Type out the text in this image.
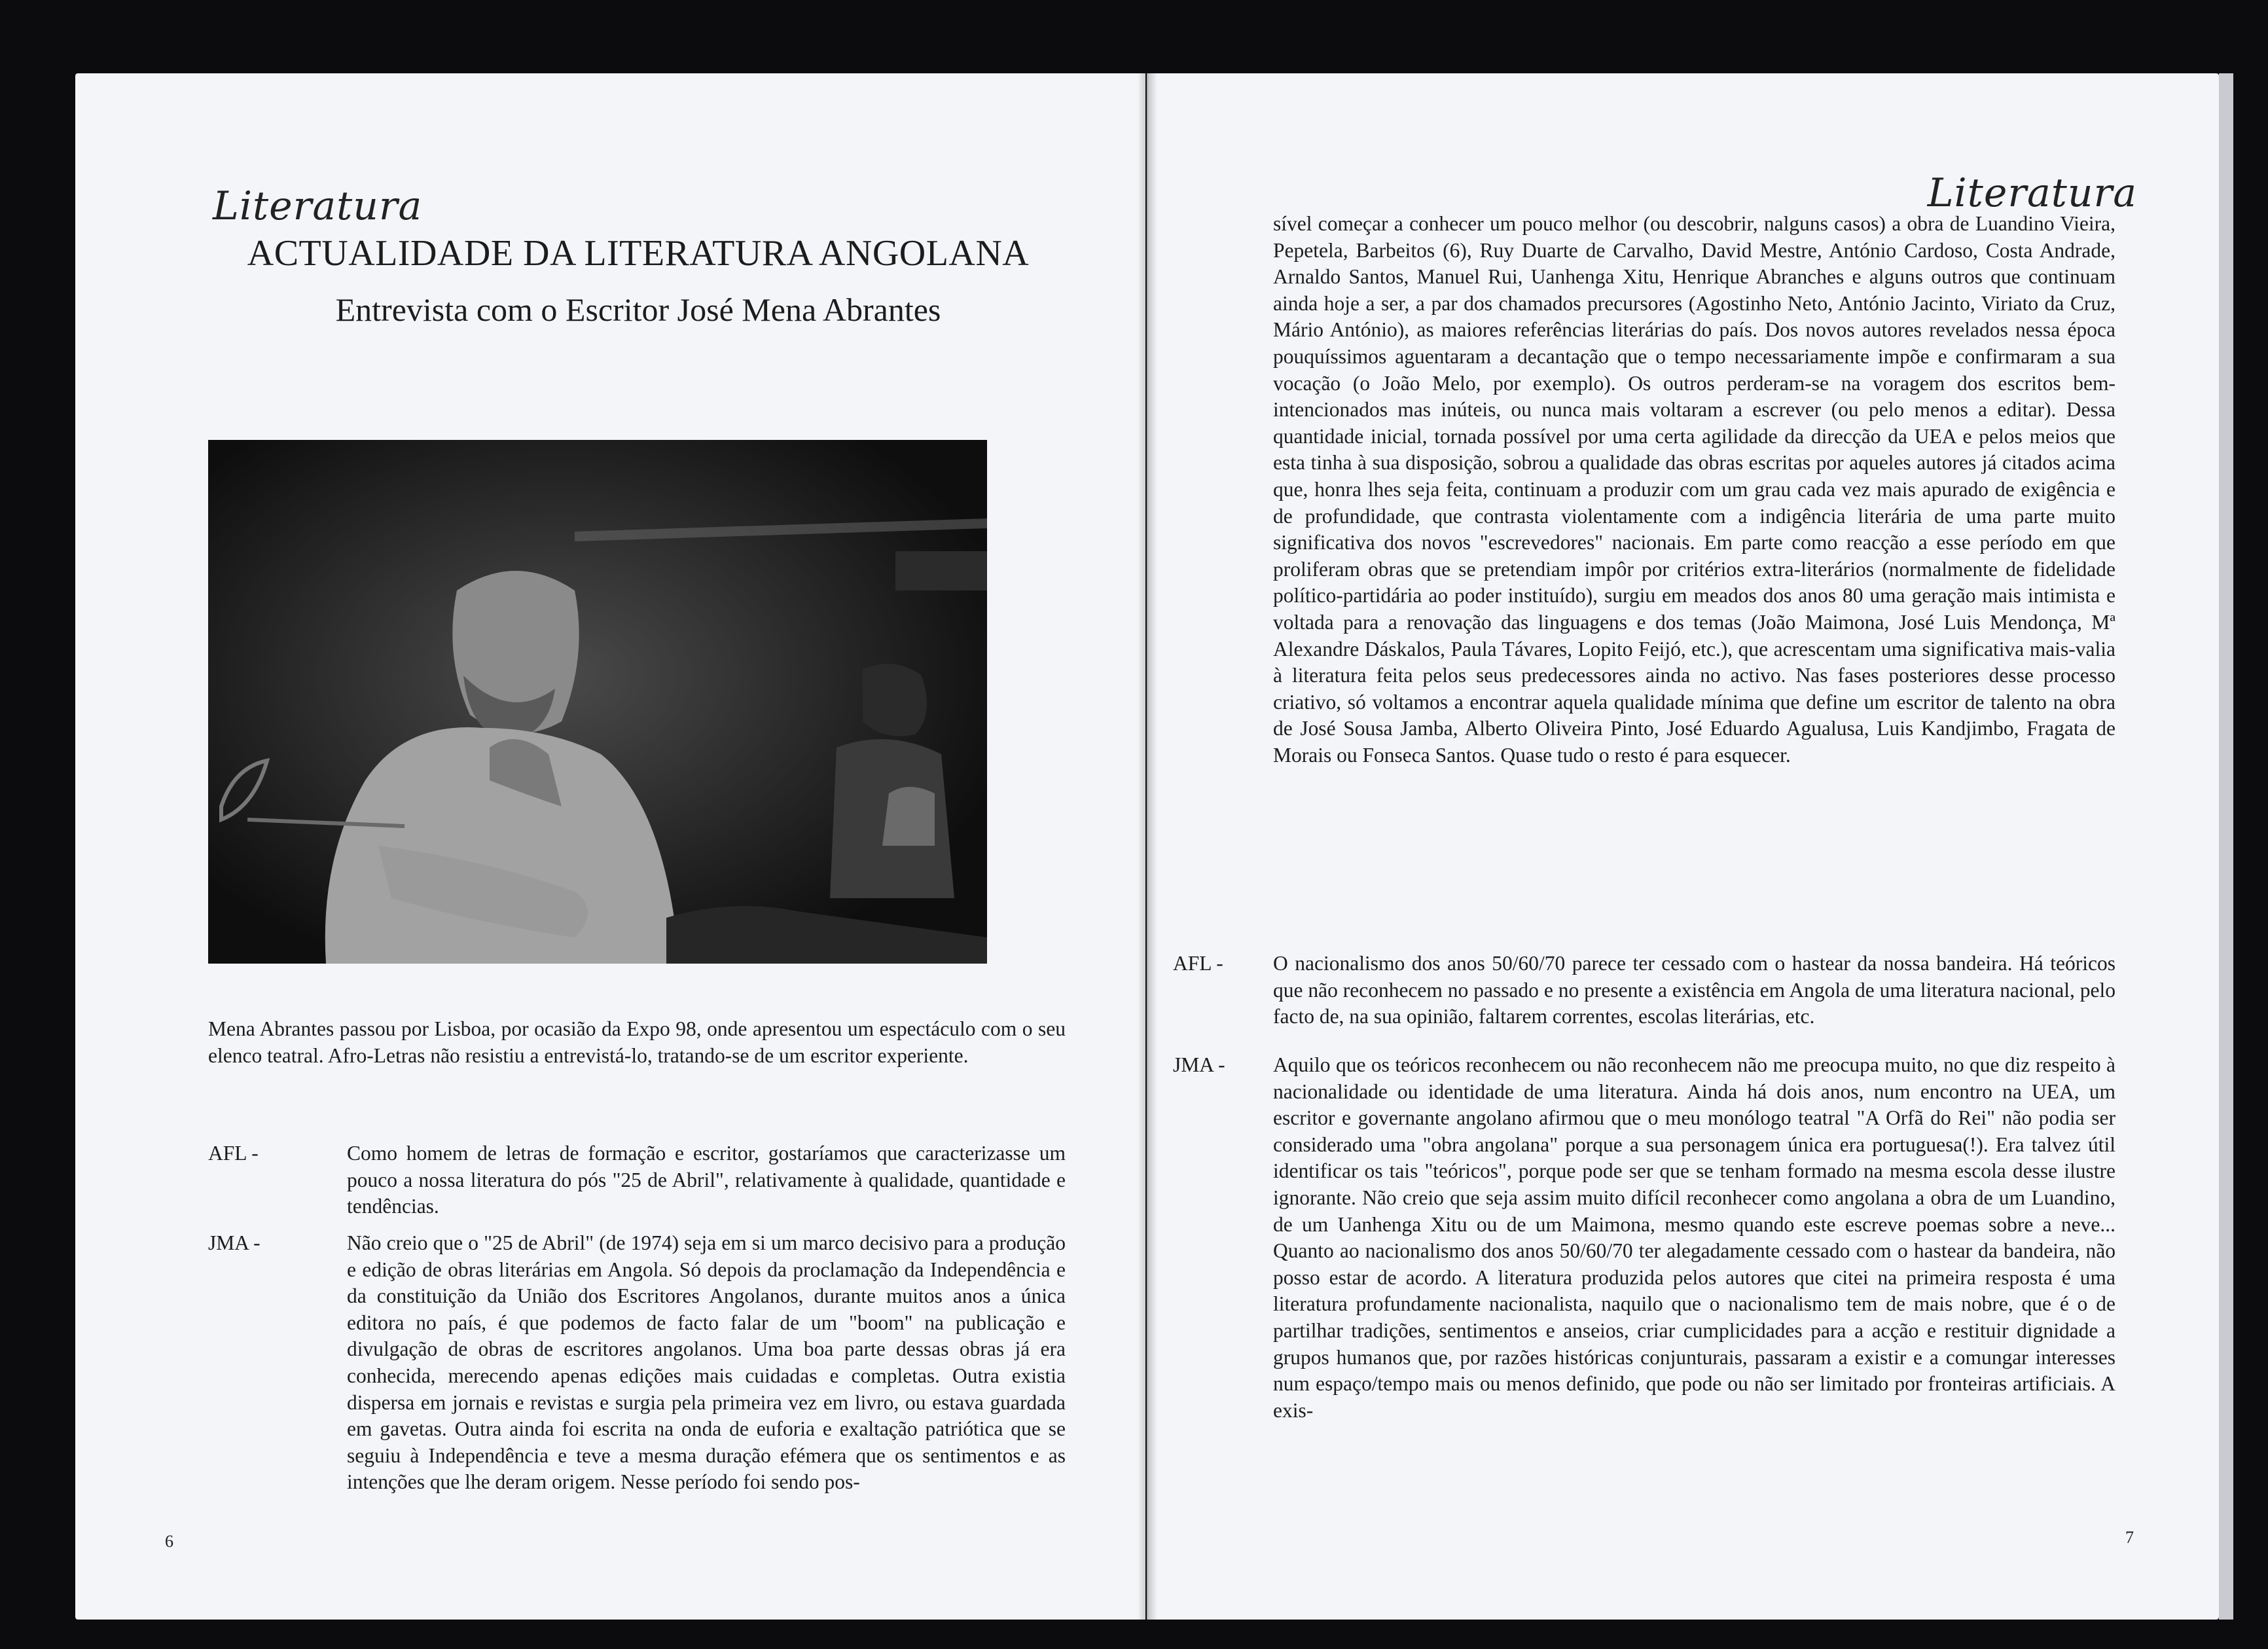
Literatura
ACTUALIDADE DA LITERATURA ANGOLANA
Entrevista com o Escritor José Mena Abrantes
Mena Abrantes passou por Lisboa, por ocasião da Expo 98, onde apresentou um espectáculo com o seu elenco teatral. Afro-Letras não resistiu a entrevistá-lo, tratando-se de um escritor experiente.
AFL -	Como homem de letras de formação e escritor, gostaríamos que caracterizasse um pouco a nossa literatura do pós "25 de Abril", relativamente à qualidade, quantidade e tendências.
JMA -	Não creio que o "25 de Abril" (de 1974) seja em si um marco decisivo para a produção e edição de obras literárias em Angola. Só depois da proclamação da Independência e da constituição da União dos Escritores Angolanos, durante muitos anos a única editora no país, é que podemos de facto falar de um "boom" na publicação e divulgação de obras de escritores angolanos. Uma boa parte dessas obras já era conhecida, merecendo apenas edições mais cuidadas e completas. Outra existia dispersa em jornais e revistas e surgia pela primeira vez em livro, ou estava guardada em gavetas. Outra ainda foi escrita na onda de euforia e exaltação patriótica que se seguiu à Independência e teve a mesma duração efémera que os sentimentos e as intenções que lhe deram origem. Nesse período foi sendo pos-
6
Literatura
sível começar a conhecer um pouco melhor (ou descobrir, nalguns casos) a obra de Luandino Vieira, Pepetela, Barbeitos (6), Ruy Duarte de Carvalho, David Mestre, António Cardoso, Costa Andrade, Arnaldo Santos, Manuel Rui, Uanhenga Xitu, Henrique Abranches e alguns outros que continuam ainda hoje a ser, a par dos chamados precursores (Agostinho Neto, António Jacinto, Viriato da Cruz, Mário António), as maiores referências literárias do país. Dos novos autores revelados nessa época pouquíssimos aguentaram a decantação que o tempo necessariamente impõe e confirmaram a sua vocação (o João Melo, por exemplo). Os outros perderam-se na voragem dos escritos bem-intencionados mas inúteis, ou nunca mais voltaram a escrever (ou pelo menos a editar). Dessa quantidade inicial, tornada possível por uma certa agilidade da direcção da UEA e pelos meios que esta tinha à sua disposição, sobrou a qualidade das obras escritas por aqueles autores já citados acima que, honra lhes seja feita, continuam a produzir com um grau cada vez mais apurado de exigência e de profundidade, que contrasta violentamente com a indigência literária de uma parte muito significativa dos novos "escrevedores" nacionais. Em parte como reacção a esse período em que proliferam obras que se pretendiam impôr por critérios extra-literários (normalmente de fidelidade político-partidária ao poder instituído), surgiu em meados dos anos 80 uma geração mais intimista e voltada para a renovação das linguagens e dos temas (João Maimona, José Luis Mendonça, Mª Alexandre Dáskalos, Paula Távares, Lopito Feijó, etc.), que acrescentam uma significativa mais-valia à literatura feita pelos seus predecessores ainda no activo. Nas fases posteriores desse processo criativo, só voltamos a encontrar aquela qualidade mínima que define um escritor de talento na obra de José Sousa Jamba, Alberto Oliveira Pinto, José Eduardo Agualusa, Luis Kandjimbo, Fragata de Morais ou Fonseca Santos. Quase tudo o resto é para esquecer.
AFL -	O nacionalismo dos anos 50/60/70 parece ter cessado com o hastear da nossa bandeira. Há teóricos que não reconhecem no passado e no presente a existência em Angola de uma literatura nacional, pelo facto de, na sua opinião, faltarem correntes, escolas literárias, etc.
JMA -	Aquilo que os teóricos reconhecem ou não reconhecem não me preocupa muito, no que diz respeito à nacionalidade ou identidade de uma literatura. Ainda há dois anos, num encontro na UEA, um escritor e governante angolano afirmou que o meu monólogo teatral "A Orfã do Rei" não podia ser considerado uma "obra angolana" porque a sua personagem única era portuguesa(!). Era talvez útil identificar os tais "teóricos", porque pode ser que se tenham formado na mesma escola desse ilustre ignorante. Não creio que seja assim muito difícil reconhecer como angolana a obra de um Luandino, de um Uanhenga Xitu ou de um Maimona, mesmo quando este escreve poemas sobre a neve... Quanto ao nacionalismo dos anos 50/60/70 ter alegadamente cessado com o hastear da bandeira, não posso estar de acordo. A literatura produzida pelos autores que citei na primeira resposta é uma literatura profundamente nacionalista, naquilo que o nacionalismo tem de mais nobre, que é o de partilhar tradições, sentimentos e anseios, criar cumplicidades para a acção e restituir dignidade a grupos humanos que, por razões históricas conjunturais, passaram a existir e a comungar interesses num espaço/tempo mais ou menos definido, que pode ou não ser limitado por fronteiras artificiais. A exis-
7
